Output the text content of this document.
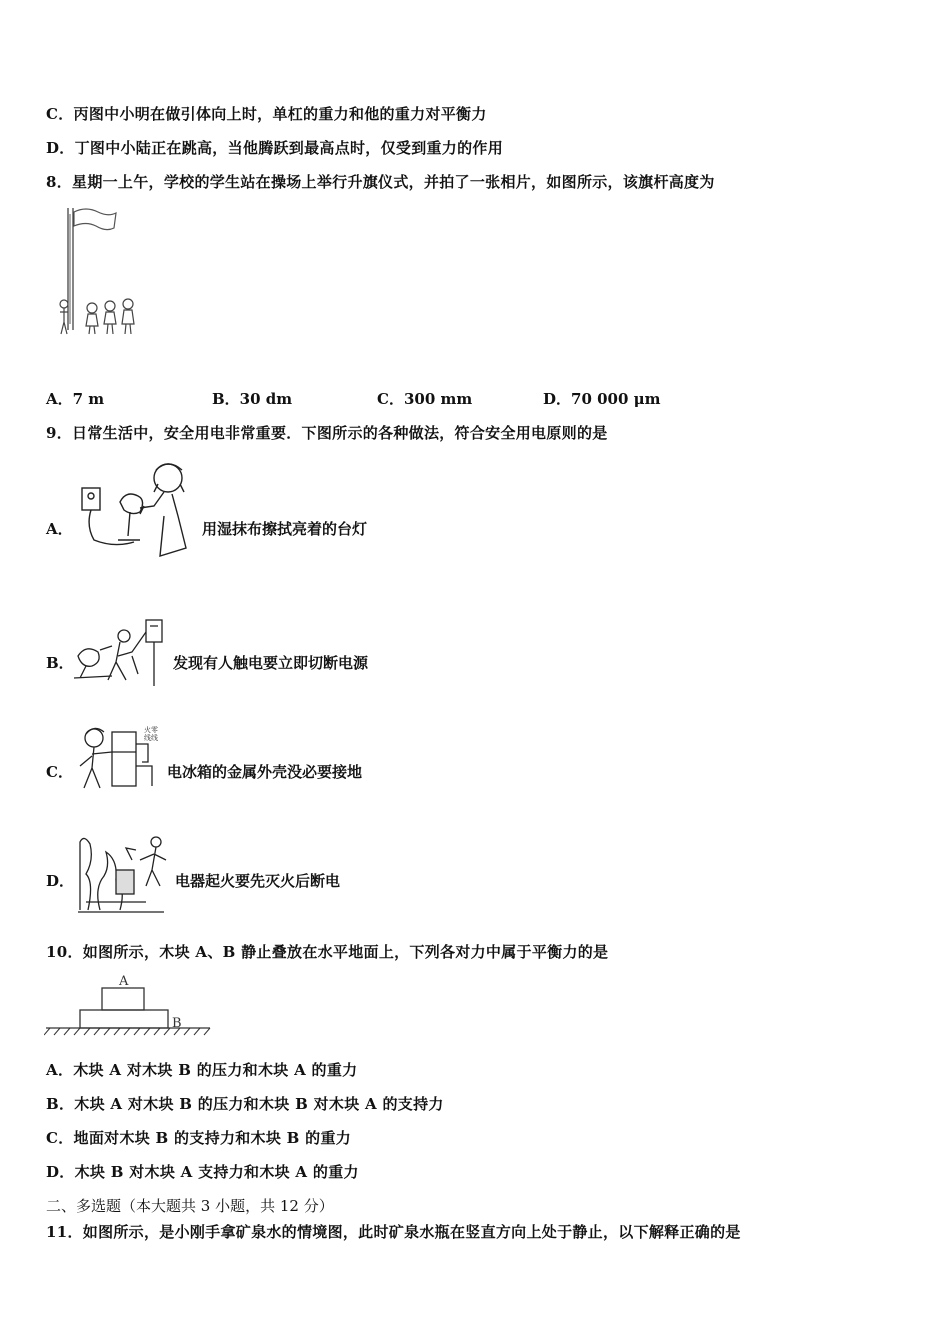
C．丙图中小明在做引体向上时，单杠的重力和他的重力对平衡力
D．丁图中小陆正在跳高，当他腾跃到最高点时，仅受到重力的作用
8．星期一上午，学校的学生站在操场上举行升旗仪式，并拍了一张相片，如图所示，该旗杆高度为
A．7 m	B．30 dm	C．300 mm	D．70 000 μm
9．日常生活中，安全用电非常重要．下图所示的各种做法，符合安全用电原则的是
A．	用湿抹布擦拭亮着的台灯
B．	发现有人触电要立即切断电源
C．
火零
线线
电冰箱的金属外壳没必要接地
D．	电器起火要先灭火后断电
10．如图所示，木块 A、B 静止叠放在水平地面上，下列各对力中属于平衡力的是
A
B
A．木块 A 对木块 B 的压力和木块 A 的重力
B．木块 A 对木块 B 的压力和木块 B 对木块 A 的支持力
C．地面对木块 B 的支持力和木块 B 的重力
D．木块 B 对木块 A 支持力和木块 A 的重力
二、多选题（本大题共 3 小题，共 12 分）
11．如图所示，是小刚手拿矿泉水的情境图，此时矿泉水瓶在竖直方向上处于静止，以下解释正确的是
